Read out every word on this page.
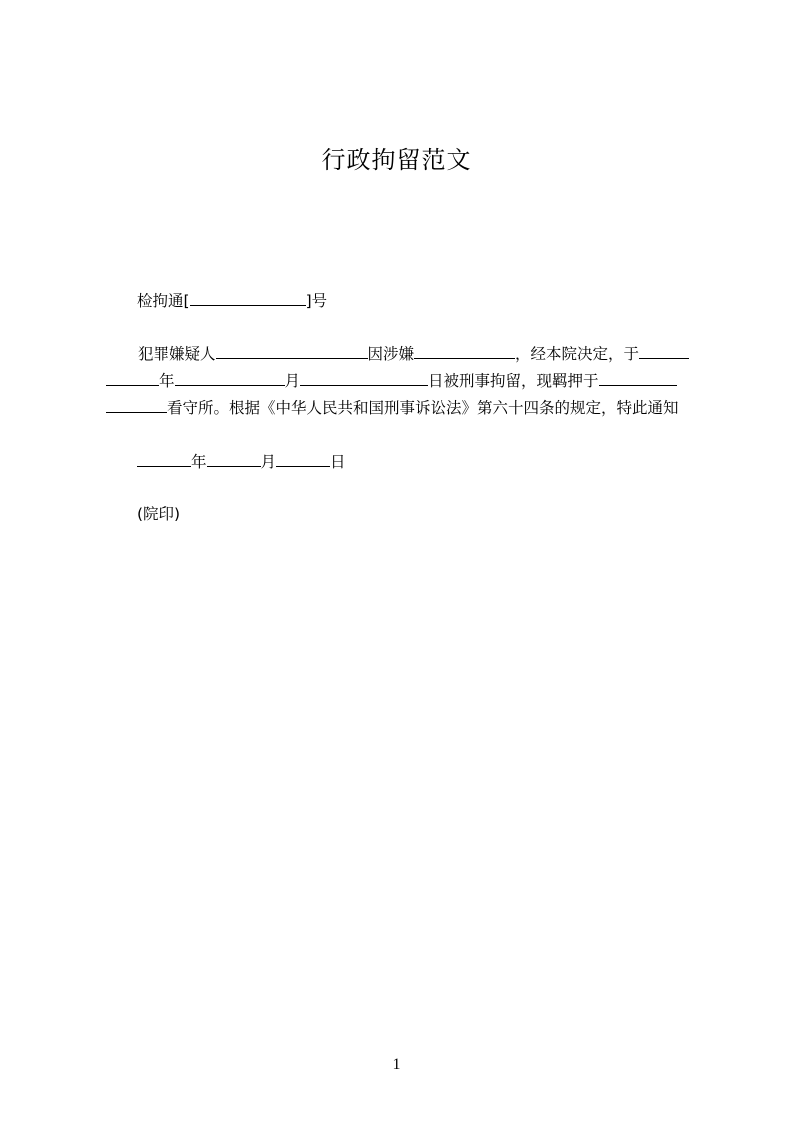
行政拘留范文
检拘通[	]号
犯罪嫌疑人	因涉嫌	，经本院决定，于
年	月	日被刑事拘留，现羁押于
看守所。根据《中华人民共和国刑事诉讼法》第六十四条的规定，特此通知
年	月	日
(院印)
1
